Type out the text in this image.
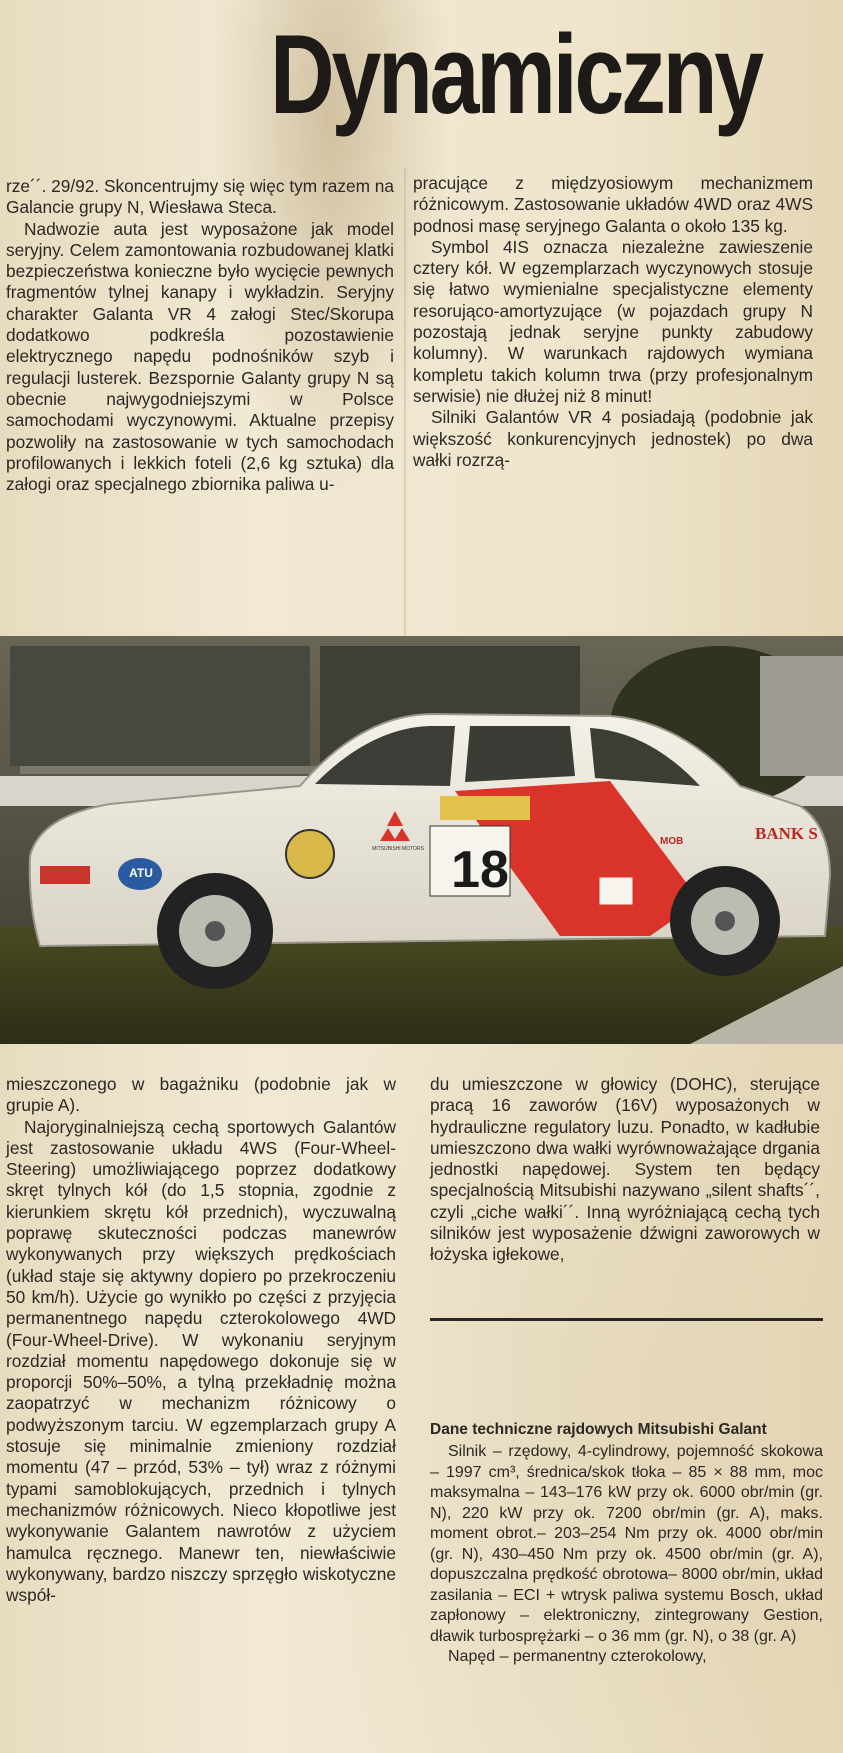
Dynamiczny

rze´´. 29/92. Skoncentrujmy się więc tym razem na Galancie grupy N, Wiesława Steca.

Nadwozie auta jest wyposażone jak model seryjny. Celem zamontowania rozbudowanej klatki bezpieczeństwa konieczne było wycięcie pewnych fragmentów tylnej kanapy i wykładzin. Seryjny charakter Galanta VR 4 załogi Stec/Skorupa dodatkowo podkreśla pozostawienie elektrycznego napędu podnośników szyb i regulacji lusterek. Bezspornie Galanty grupy N są obecnie najwygodniejszymi w Polsce samochodami wyczynowymi. Aktualne przepisy pozwoliły na zastosowanie w tych samochodach profilowanych i lekkich foteli (2,6 kg sztuka) dla załogi oraz specjalnego zbiornika paliwa u-

pracujące z międzyosiowym mechanizmem różnicowym. Zastosowanie układów 4WD oraz 4WS podnosi masę seryjnego Galanta o około 135 kg.

Symbol 4IS oznacza niezależne zawieszenie cztery kół. W egzemplarzach wyczynowych stosuje się łatwo wymienialne specjalistyczne elementy resorująco-amortyzujące (w pojazdach grupy N pozostają jednak seryjne punkty zabudowy kolumny). W warunkach rajdowych wymiana kompletu takich kolumn trwa (przy profesjonalnym serwisie) nie dłużej niż 8 minut!

Silniki Galantów VR 4 posiadają (podobnie jak większość konkurencyjnych jednostek) po dwa wałki rozrzą-

18
ATU
BANK S
MITSUBISHI MOTORS
MOB

mieszczonego w bagażniku (podobnie jak w grupie A).

Najoryginalniejszą cechą sportowych Galantów jest zastosowanie układu 4WS (Four-Wheel-Steering) umożliwiającego poprzez dodatkowy skręt tylnych kół (do 1,5 stopnia, zgodnie z kierunkiem skrętu kół przednich), wyczuwalną poprawę skuteczności podczas manewrów wykonywanych przy większych prędkościach (układ staje się aktywny dopiero po przekroczeniu 50 km/h). Użycie go wynikło po części z przyjęcia permanentnego napędu czterokolowego 4WD (Four-Wheel-Drive). W wykonaniu seryjnym rozdział momentu napędowego dokonuje się w proporcji 50%–50%, a tylną przekładnię można zaopatrzyć w mechanizm różnicowy o podwyższonym tarciu. W egzemplarzach grupy A stosuje się minimalnie zmieniony rozdział momentu (47 – przód, 53% – tył) wraz z różnymi typami samoblokujących, przednich i tylnych mechanizmów różnicowych. Nieco kłopotliwe jest wykonywanie Galantem nawrotów z użyciem hamulca ręcznego. Manewr ten, niewłaściwie wykonywany, bardzo niszczy sprzęgło wiskotyczne współ-

du umieszczone w głowicy (DOHC), sterujące pracą 16 zaworów (16V) wyposażonych w hydrauliczne regulatory luzu. Ponadto, w kadłubie umieszczono dwa wałki wyrównoważające drgania jednostki napędowej. System ten będący specjalnością Mitsubishi nazywano „silent shafts´´, czyli „ciche wałki´´. Inną wyróżniającą cechą tych silników jest wyposażenie dźwigni zaworowych w łożyska igłekowe,

Dane techniczne rajdowych Mitsubishi Galant

Silnik – rzędowy, 4-cylindrowy, pojemność skokowa – 1997 cm³, średnica/skok tłoka – 85 × 88 mm, moc maksymalna – 143–176 kW przy ok. 6000 obr/min (gr. N), 220 kW przy ok. 7200 obr/min (gr. A), maks. moment obrot.– 203–254 Nm przy ok. 4000 obr/min (gr. N), 430–450 Nm przy ok. 4500 obr/min (gr. A), dopuszczalna prędkość obrotowa– 8000 obr/min, układ zasilania – ECI + wtrysk paliwa systemu Bosch, układ zapłonowy – elektroniczny, zintegrowany Gestion, dławik turbosprężarki – o 36 mm (gr. N), o 38 (gr. A)

Napęd – permanentny czterokolowy,
